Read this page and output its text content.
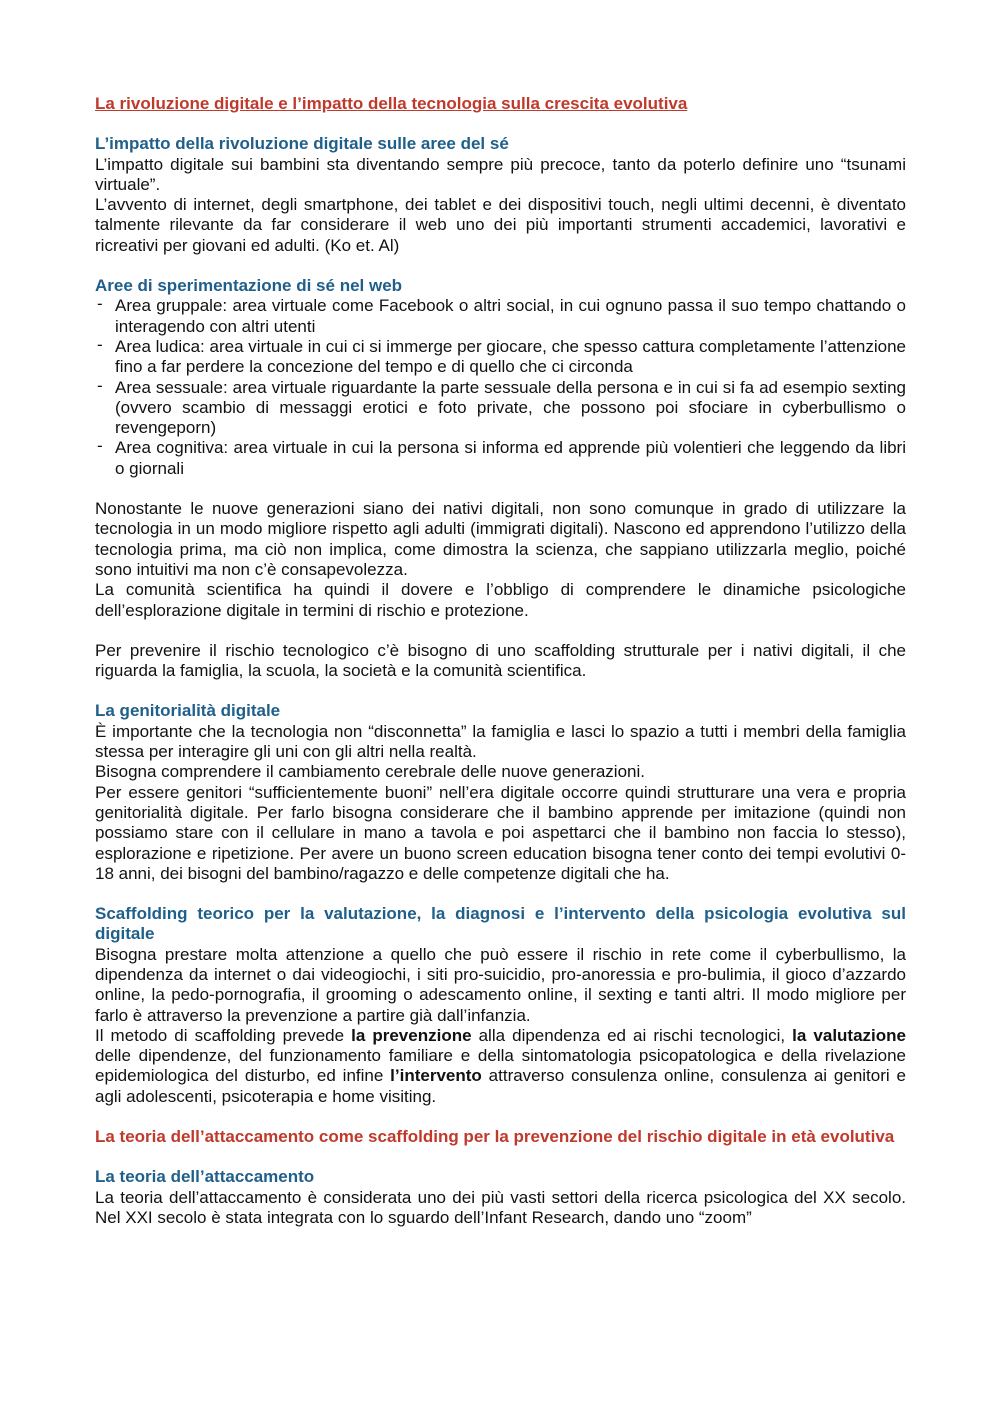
La rivoluzione digitale e l’impatto della tecnologia sulla crescita evolutiva

L’impatto della rivoluzione digitale sulle aree del sé

L’impatto digitale sui bambini sta diventando sempre più precoce, tanto da poterlo definire uno “tsunami virtuale”.

L’avvento di internet, degli smartphone, dei tablet e dei dispositivi touch, negli ultimi decenni, è diventato talmente rilevante da far considerare il web uno dei più importanti strumenti accademici, lavorativi e ricreativi per giovani ed adulti. (Ko et. Al)

Aree di sperimentazione di sé nel web
- Area gruppale: area virtuale come Facebook o altri social, in cui ognuno passa il suo tempo chattando o interagendo con altri utenti
- Area ludica: area virtuale in cui ci si immerge per giocare, che spesso cattura completamente l’attenzione fino a far perdere la concezione del tempo e di quello che ci circonda
- Area sessuale: area virtuale riguardante la parte sessuale della persona e in cui si fa ad esempio sexting (ovvero scambio di messaggi erotici e foto private, che possono poi sfociare in cyberbullismo o revengeporn)
- Area cognitiva: area virtuale in cui la persona si informa ed apprende più volentieri che leggendo da libri o giornali

Nonostante le nuove generazioni siano dei nativi digitali, non sono comunque in grado di utilizzare la tecnologia in un modo migliore rispetto agli adulti (immigrati digitali). Nascono ed apprendono l’utilizzo della tecnologia prima, ma ciò non implica, come dimostra la scienza, che sappiano utilizzarla meglio, poiché sono intuitivi ma non c’è consapevolezza.

La comunità scientifica ha quindi il dovere e l’obbligo di comprendere le dinamiche psicologiche dell’esplorazione digitale in termini di rischio e protezione.

Per prevenire il rischio tecnologico c’è bisogno di uno scaffolding strutturale per i nativi digitali, il che riguarda la famiglia, la scuola, la società e la comunità scientifica.

La genitorialità digitale

È importante che la tecnologia non “disconnetta” la famiglia e lasci lo spazio a tutti i membri della famiglia stessa per interagire gli uni con gli altri nella realtà.

Bisogna comprendere il cambiamento cerebrale delle nuove generazioni.

Per essere genitori “sufficientemente buoni” nell’era digitale occorre quindi strutturare una vera e propria genitorialità digitale. Per farlo bisogna considerare che il bambino apprende per imitazione (quindi non possiamo stare con il cellulare in mano a tavola e poi aspettarci che il bambino non faccia lo stesso), esplorazione e ripetizione. Per avere un buono screen education bisogna tener conto dei tempi evolutivi 0-18 anni, dei bisogni del bambino/ragazzo e delle competenze digitali che ha.

Scaffolding teorico per la valutazione, la diagnosi e l’intervento della psicologia evolutiva sul digitale

Bisogna prestare molta attenzione a quello che può essere il rischio in rete come il cyberbullismo, la dipendenza da internet o dai videogiochi, i siti pro-suicidio, pro-anoressia e pro-bulimia, il gioco d’azzardo online, la pedo-pornografia, il grooming o adescamento online, il sexting e tanti altri. Il modo migliore per farlo è attraverso la prevenzione a partire già dall’infanzia.

Il metodo di scaffolding prevede la prevenzione alla dipendenza ed ai rischi tecnologici, la valutazione delle dipendenze, del funzionamento familiare e della sintomatologia psicopatologica e della rivelazione epidemiologica del disturbo, ed infine l’intervento attraverso consulenza online, consulenza ai genitori e agli adolescenti, psicoterapia e home visiting.

La teoria dell’attaccamento come scaffolding per la prevenzione del rischio digitale in età evolutiva

La teoria dell’attaccamento

La teoria dell’attaccamento è considerata uno dei più vasti settori della ricerca psicologica del XX secolo. Nel XXI secolo è stata integrata con lo sguardo dell’Infant Research, dando uno “zoom”
